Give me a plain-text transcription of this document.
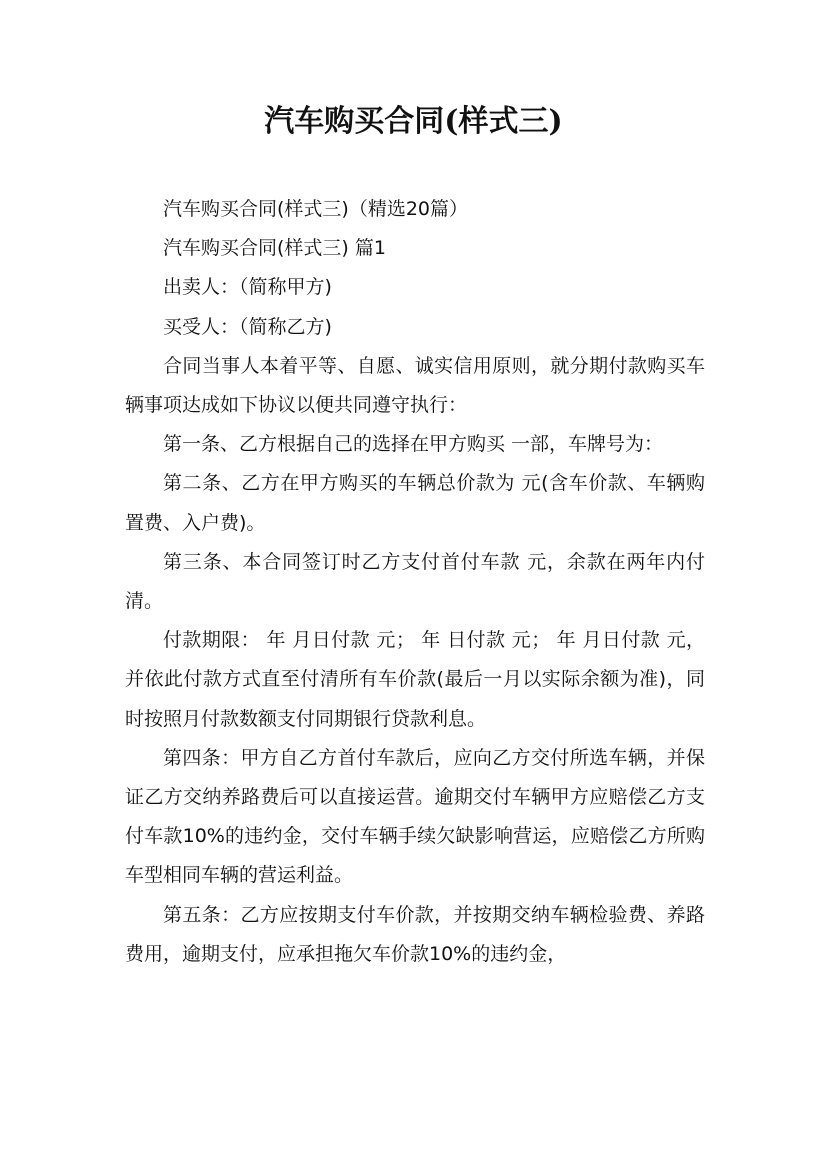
汽车购买合同(样式三)

汽车购买合同(样式三)（精选20篇）

汽车购买合同(样式三) 篇1

出卖人：（简称甲方)

买受人：（简称乙方)

合同当事人本着平等、自愿、诚实信用原则，就分期付款购买车辆事项达成如下协议以便共同遵守执行：

第一条、乙方根据自己的选择在甲方购买 一部，车牌号为：

第二条、乙方在甲方购买的车辆总价款为 元(含车价款、车辆购置费、入户费)。

第三条、本合同签订时乙方支付首付车款 元，余款在两年内付清。

付款期限： 年 月日付款 元； 年 日付款 元； 年 月日付款 元，并依此付款方式直至付清所有车价款(最后一月以实际余额为准)，同时按照月付款数额支付同期银行贷款利息。

第四条：甲方自乙方首付车款后，应向乙方交付所选车辆，并保证乙方交纳养路费后可以直接运营。逾期交付车辆甲方应赔偿乙方支付车款10%的违约金，交付车辆手续欠缺影响营运，应赔偿乙方所购车型相同车辆的营运利益。

第五条：乙方应按期支付车价款，并按期交纳车辆检验费、养路费用，逾期支付，应承担拖欠车价款10%的违约金，
